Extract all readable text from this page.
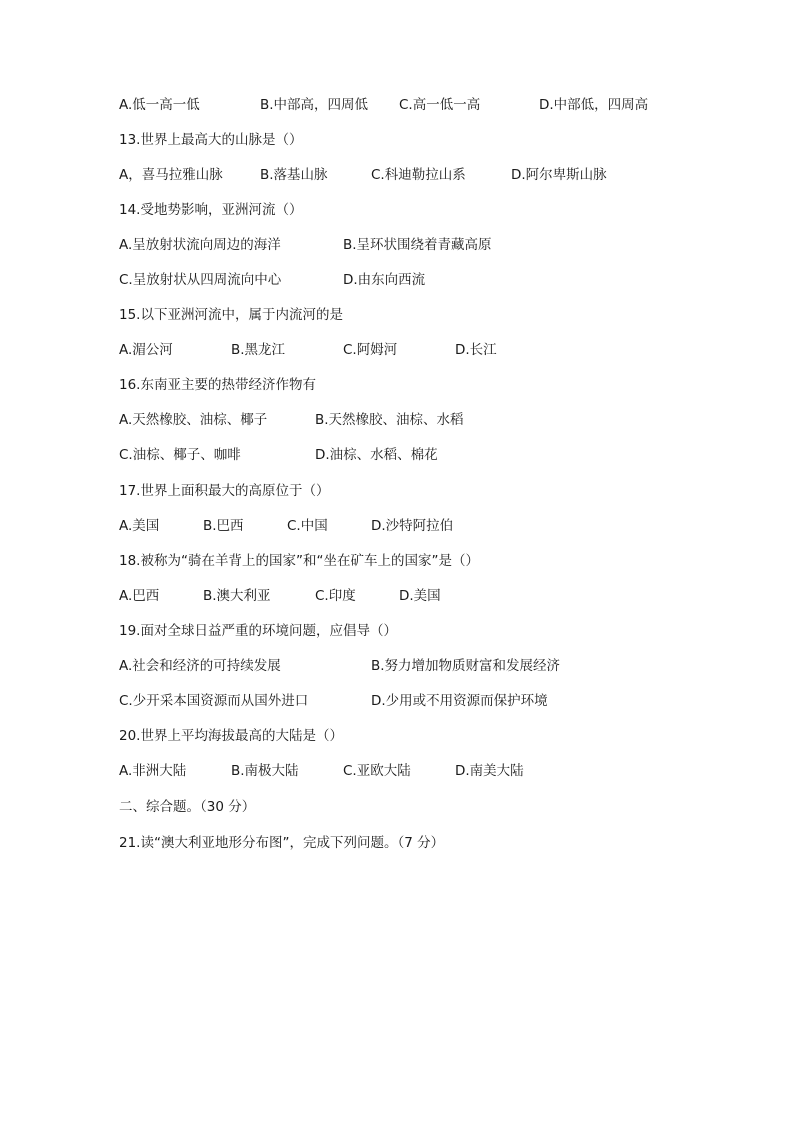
A.低一高一低	B.中部高，四周低 C.高一低一高	D.中部低，四周高
13.世界上最高大的山脉是（）
A，喜马拉雅山脉	B.落基山脉	C.科迪勒拉山系	D.阿尔卑斯山脉
14.受地势影响，亚洲河流（）
A.呈放射状流向周边的海洋	B.呈环状围绕着青藏高原
C.呈放射状从四周流向中心	D.由东向西流
15.以下亚洲河流中，属于内流河的是
A.湄公河	B.黑龙江	C.阿姆河	D.长江
16.东南亚主要的热带经济作物有
A.天然橡胶、油棕、椰子	B.天然橡胶、油棕、水稻
C.油棕、椰子、咖啡	D.油棕、水稻、棉花
17.世界上面积最大的高原位于（）
A.美国	B.巴西	C.中国	D.沙特阿拉伯
18.被称为“骑在羊背上的国家”和“坐在矿车上的国家”是（）
A.巴西	B.澳大利亚	C.印度	D.美国
19.面对全球日益严重的环境问题，应倡导（）
A.社会和经济的可持续发展	B.努力增加物质财富和发展经济
C.少开采本国资源而从国外进口	D.少用或不用资源而保护环境
20.世界上平均海拔最高的大陆是（）
A.非洲大陆	B.南极大陆	C.亚欧大陆	D.南美大陆
二、综合题。（30 分）
21.读“澳大利亚地形分布图”，完成下列问题。（7 分）
